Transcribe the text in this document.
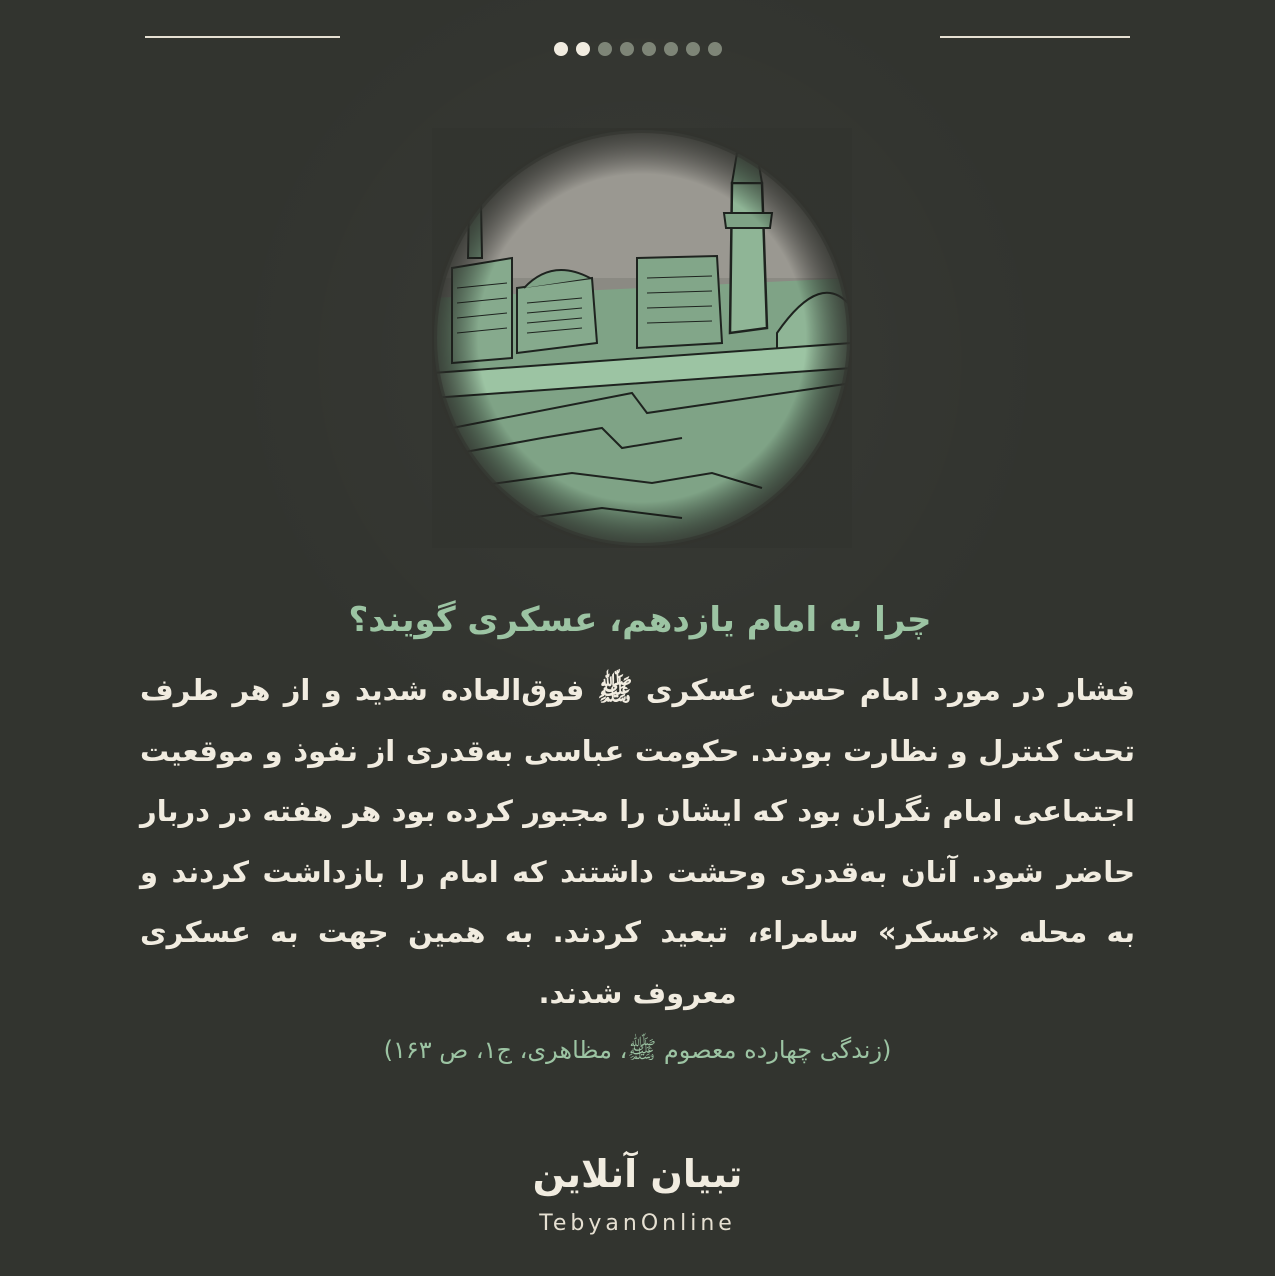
چرا به امام یازدهم، عسکری گویند؟
فشار در مورد امام حسن عسکری ﷺ فوق‌العاده شدید و از هر طرف تحت کنترل و نظارت بودند. حکومت عباسی به‌قدری از نفوذ و موقعیت اجتماعی امام نگران بود که ایشان را مجبور کرده بود هر هفته در دربار حاضر شود. آنان به‌قدری وحشت داشتند که امام را بازداشت کردند و به محله «عسکر» سامراء، تبعید کردند. به همین جهت به عسکری معروف شدند.
(زندگی چهارده معصوم ﷺ، مظاهری، ج۱، ص ۱۶۳)
تبیان آنلاین
TebyanOnline
